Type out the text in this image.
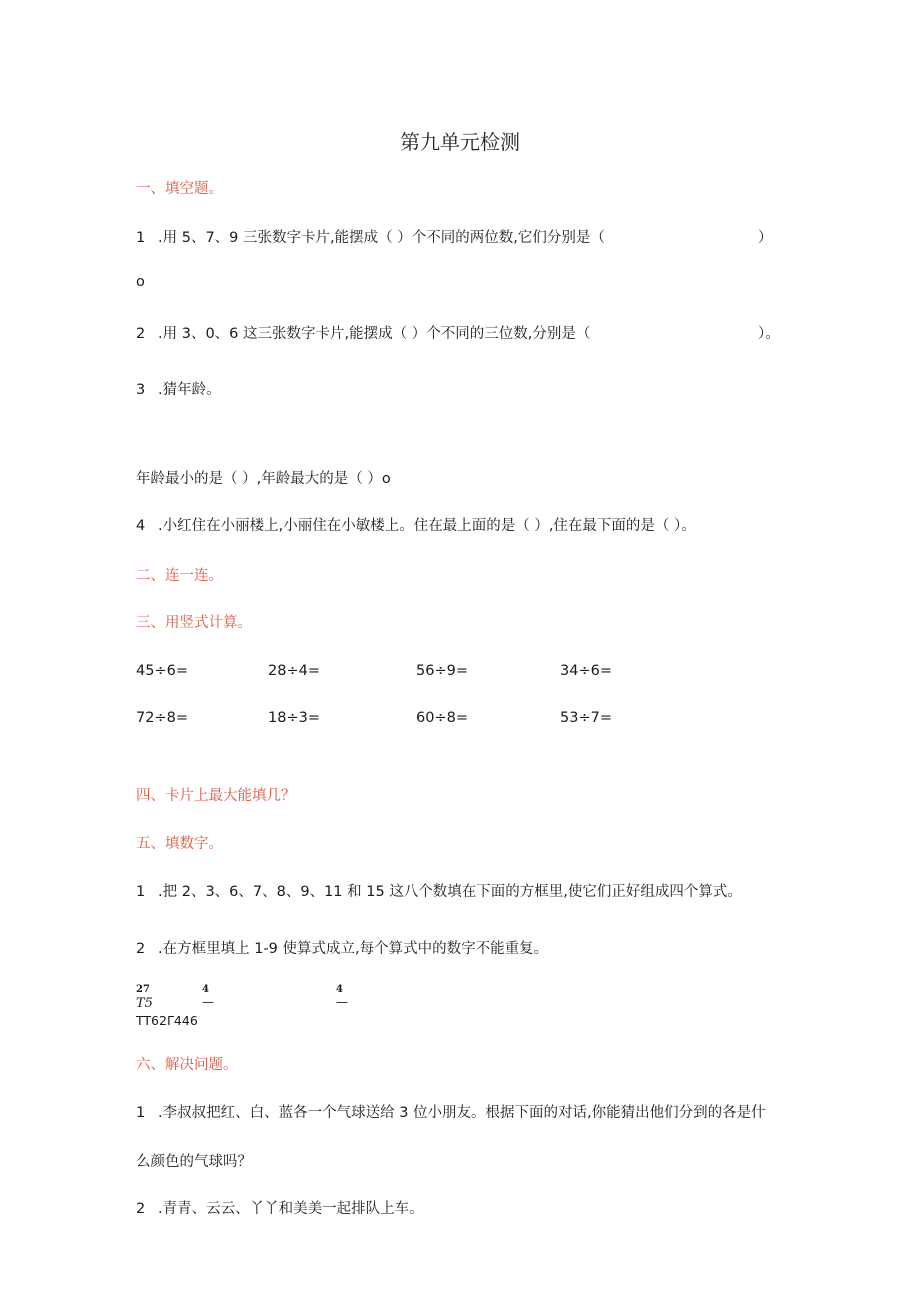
第九单元检测
一、填空题。
1 .用 5、7、9 三张数字卡片,能摆成（ ）个不同的两位数,它们分别是（	）
o
2 .用 3、0、6 这三张数字卡片,能摆成（ ）个不同的三位数,分别是（	）。
3 .猜年龄。
年龄最小的是（ ）,年龄最大的是（ ）o
4 .小红住在小丽楼上,小丽住在小敏楼上。住在最上面的是（ ）,住在最下面的是（ ）。
二、连一连。
三、用竖式计算。
45÷6=	28÷4=	56÷9=	34÷6=
72÷8=	18÷3=	60÷8=	53÷7=
四、卡片上最大能填几？
五、填数字。
1 .把 2、3、6、7、8、9、11 和 15 这八个数填在下面的方框里,使它们正好组成四个算式。
2 .在方框里填上 1-9 使算式成立,每个算式中的数字不能重复。
27
T5
TT62Γ446
4
—
4
—
六、解决问题。
1 .李叔叔把红、白、蓝各一个气球送给 3 位小朋友。根据下面的对话,你能猜出他们分到的各是什
么颜色的气球吗？
2 .青青、云云、丫丫和美美一起排队上车。
